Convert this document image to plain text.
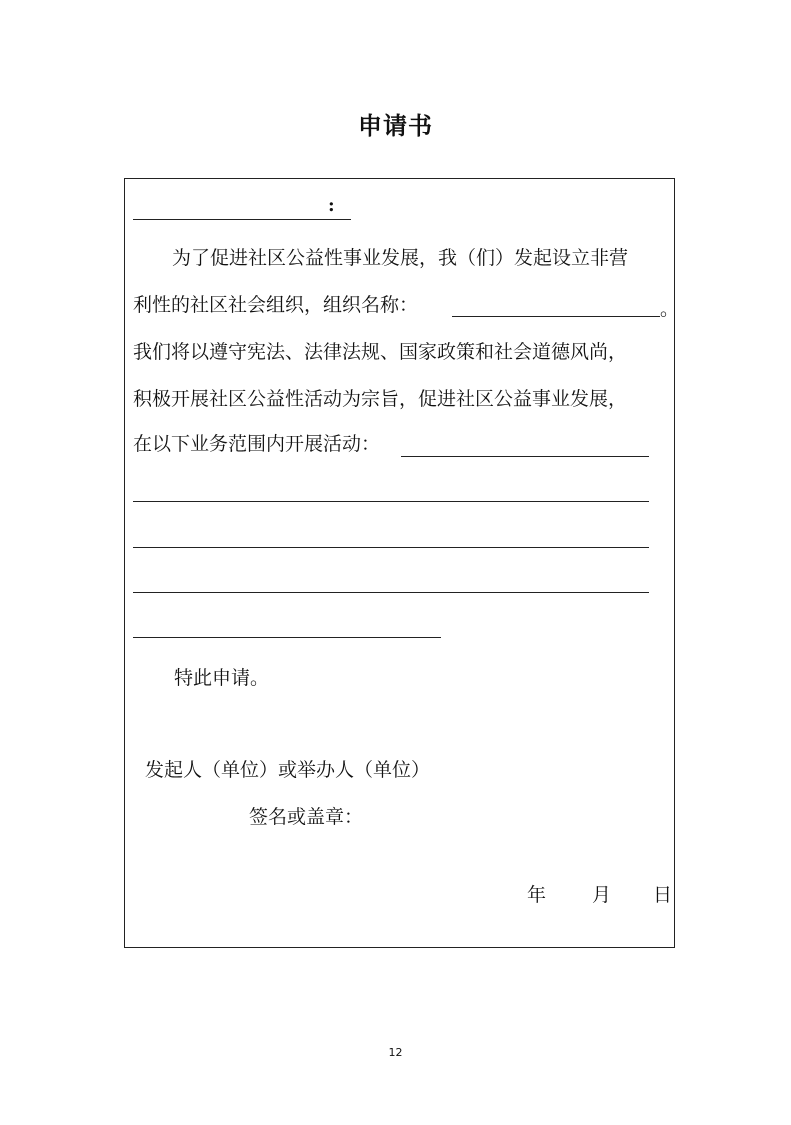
申请书
:
为了促进社区公益性事业发展，我（们）发起设立非营
利性的社区社会组织，组织名称：	。
我们将以遵守宪法、法律法规、国家政策和社会道德风尚，
积极开展社区公益性活动为宗旨，促进社区公益事业发展，
在以下业务范围内开展活动：
特此申请。
发起人（单位）或举办人（单位）
签名或盖章：
年 月 日
12
